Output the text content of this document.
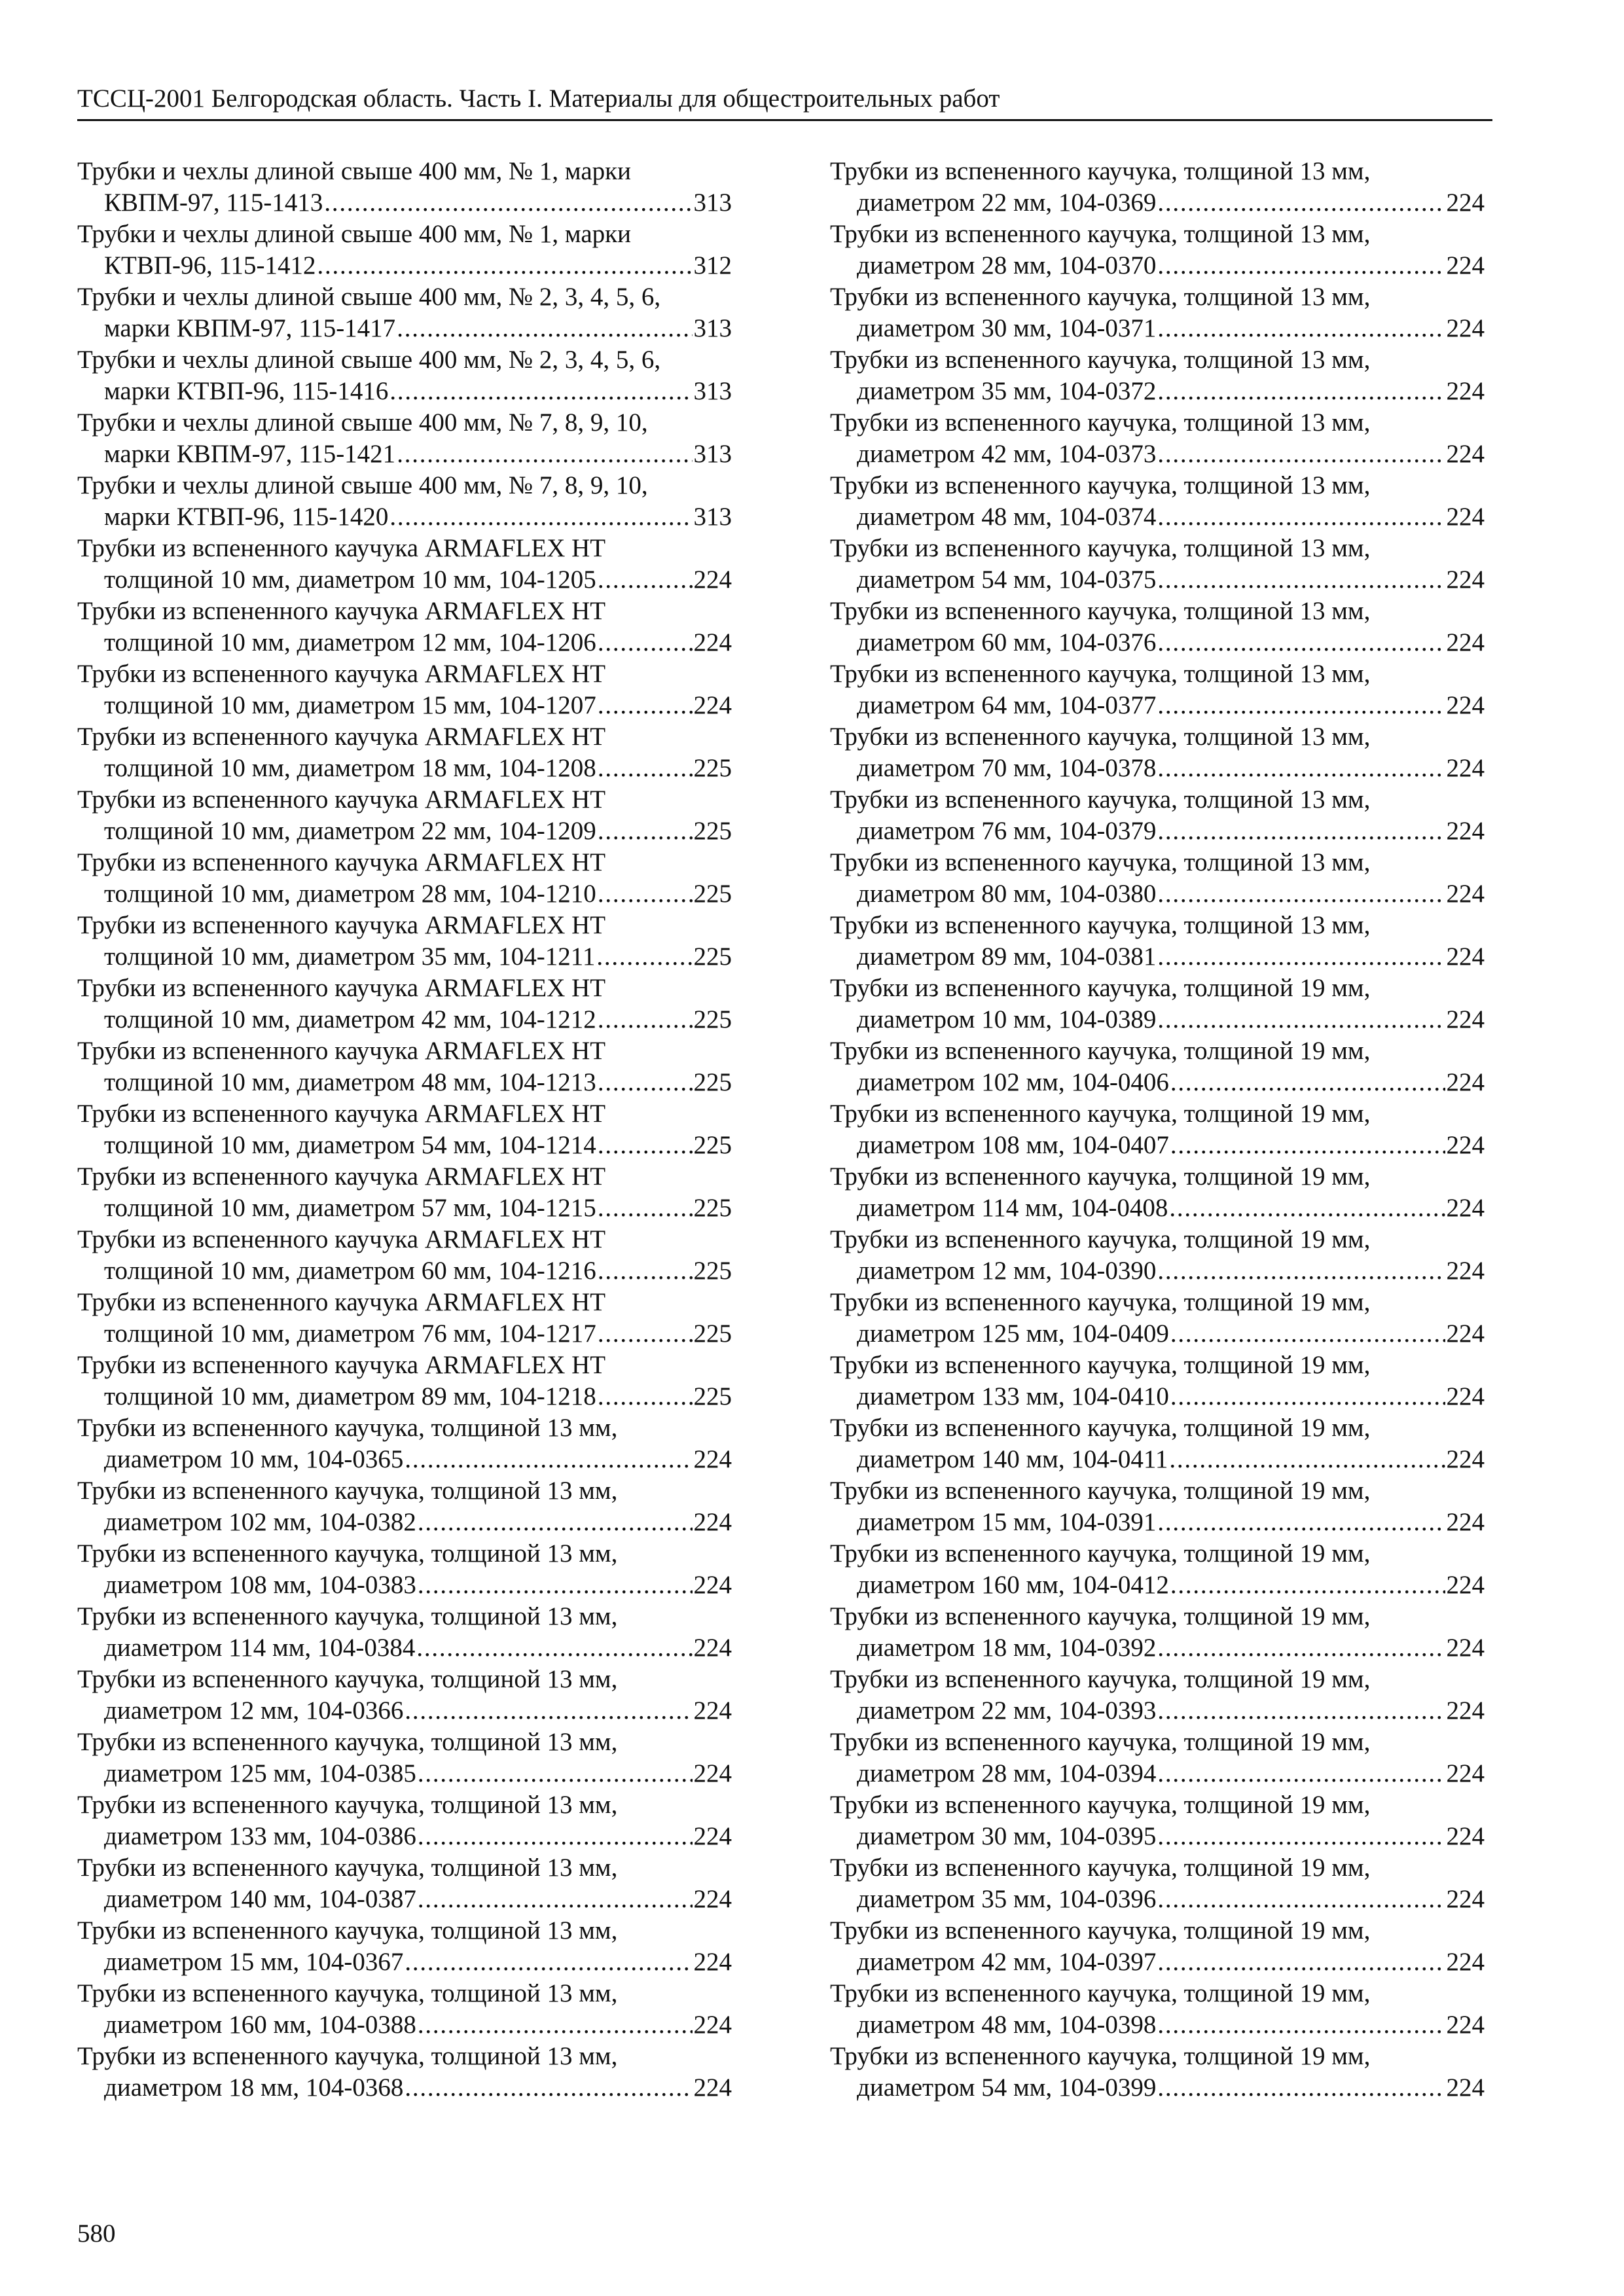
ТССЦ-2001 Белгородская область. Часть I. Материалы для общестроительных работ
Трубки и чехлы длиной свыше 400 мм, № 1, марки
КВПМ-97, 115-1413 . . .	313
Трубки и чехлы длиной свыше 400 мм, № 1, марки
КТВП-96, 115-1412 . . .	312
Трубки и чехлы длиной свыше 400 мм, № 2, 3, 4, 5, 6,
марки КВПМ-97, 115-1417 . . .	313
Трубки и чехлы длиной свыше 400 мм, № 2, 3, 4, 5, 6,
марки КТВП-96, 115-1416 . . .	313
Трубки и чехлы длиной свыше 400 мм, № 7, 8, 9, 10,
марки КВПМ-97, 115-1421 . . .	313
Трубки и чехлы длиной свыше 400 мм, № 7, 8, 9, 10,
марки КТВП-96, 115-1420 . . .	313
Трубки из вспененного каучука ARMAFLEX HT
толщиной 10 мм, диаметром 10 мм, 104-1205 . . .	224
Трубки из вспененного каучука ARMAFLEX HT
толщиной 10 мм, диаметром 12 мм, 104-1206 . . .	224
Трубки из вспененного каучука ARMAFLEX HT
толщиной 10 мм, диаметром 15 мм, 104-1207 . . .	224
Трубки из вспененного каучука ARMAFLEX HT
толщиной 10 мм, диаметром 18 мм, 104-1208 . . .	225
Трубки из вспененного каучука ARMAFLEX HT
толщиной 10 мм, диаметром 22 мм, 104-1209 . . .	225
Трубки из вспененного каучука ARMAFLEX HT
толщиной 10 мм, диаметром 28 мм, 104-1210 . . .	225
Трубки из вспененного каучука ARMAFLEX HT
толщиной 10 мм, диаметром 35 мм, 104-1211 . . .	225
Трубки из вспененного каучука ARMAFLEX HT
толщиной 10 мм, диаметром 42 мм, 104-1212 . . .	225
Трубки из вспененного каучука ARMAFLEX HT
толщиной 10 мм, диаметром 48 мм, 104-1213 . . .	225
Трубки из вспененного каучука ARMAFLEX HT
толщиной 10 мм, диаметром 54 мм, 104-1214 . . .	225
Трубки из вспененного каучука ARMAFLEX HT
толщиной 10 мм, диаметром 57 мм, 104-1215 . . .	225
Трубки из вспененного каучука ARMAFLEX HT
толщиной 10 мм, диаметром 60 мм, 104-1216 . . .	225
Трубки из вспененного каучука ARMAFLEX HT
толщиной 10 мм, диаметром 76 мм, 104-1217 . . .	225
Трубки из вспененного каучука ARMAFLEX HT
толщиной 10 мм, диаметром 89 мм, 104-1218 . . .	225
Трубки из вспененного каучука, толщиной 13 мм,
диаметром 10 мм, 104-0365 . . .	224
Трубки из вспененного каучука, толщиной 13 мм,
диаметром 102 мм, 104-0382 . . .	224
Трубки из вспененного каучука, толщиной 13 мм,
диаметром 108 мм, 104-0383 . . .	224
Трубки из вспененного каучука, толщиной 13 мм,
диаметром 114 мм, 104-0384 . . .	224
Трубки из вспененного каучука, толщиной 13 мм,
диаметром 12 мм, 104-0366 . . .	224
Трубки из вспененного каучука, толщиной 13 мм,
диаметром 125 мм, 104-0385 . . .	224
Трубки из вспененного каучука, толщиной 13 мм,
диаметром 133 мм, 104-0386 . . .	224
Трубки из вспененного каучука, толщиной 13 мм,
диаметром 140 мм, 104-0387 . . .	224
Трубки из вспененного каучука, толщиной 13 мм,
диаметром 15 мм, 104-0367 . . .	224
Трубки из вспененного каучука, толщиной 13 мм,
диаметром 160 мм, 104-0388 . . .	224
Трубки из вспененного каучука, толщиной 13 мм,
диаметром 18 мм, 104-0368 . . .	224
Трубки из вспененного каучука, толщиной 13 мм,
диаметром 22 мм, 104-0369 . . .	224
Трубки из вспененного каучука, толщиной 13 мм,
диаметром 28 мм, 104-0370 . . .	224
Трубки из вспененного каучука, толщиной 13 мм,
диаметром 30 мм, 104-0371 . . .	224
Трубки из вспененного каучука, толщиной 13 мм,
диаметром 35 мм, 104-0372 . . .	224
Трубки из вспененного каучука, толщиной 13 мм,
диаметром 42 мм, 104-0373 . . .	224
Трубки из вспененного каучука, толщиной 13 мм,
диаметром 48 мм, 104-0374 . . .	224
Трубки из вспененного каучука, толщиной 13 мм,
диаметром 54 мм, 104-0375 . . .	224
Трубки из вспененного каучука, толщиной 13 мм,
диаметром 60 мм, 104-0376 . . .	224
Трубки из вспененного каучука, толщиной 13 мм,
диаметром 64 мм, 104-0377 . . .	224
Трубки из вспененного каучука, толщиной 13 мм,
диаметром 70 мм, 104-0378 . . .	224
Трубки из вспененного каучука, толщиной 13 мм,
диаметром 76 мм, 104-0379 . . .	224
Трубки из вспененного каучука, толщиной 13 мм,
диаметром 80 мм, 104-0380 . . .	224
Трубки из вспененного каучука, толщиной 13 мм,
диаметром 89 мм, 104-0381 . . .	224
Трубки из вспененного каучука, толщиной 19 мм,
диаметром 10 мм, 104-0389 . . .	224
Трубки из вспененного каучука, толщиной 19 мм,
диаметром 102 мм, 104-0406 . . .	224
Трубки из вспененного каучука, толщиной 19 мм,
диаметром 108 мм, 104-0407 . . .	224
Трубки из вспененного каучука, толщиной 19 мм,
диаметром 114 мм, 104-0408 . . .	224
Трубки из вспененного каучука, толщиной 19 мм,
диаметром 12 мм, 104-0390 . . .	224
Трубки из вспененного каучука, толщиной 19 мм,
диаметром 125 мм, 104-0409 . . .	224
Трубки из вспененного каучука, толщиной 19 мм,
диаметром 133 мм, 104-0410 . . .	224
Трубки из вспененного каучука, толщиной 19 мм,
диаметром 140 мм, 104-0411 . . .	224
Трубки из вспененного каучука, толщиной 19 мм,
диаметром 15 мм, 104-0391 . . .	224
Трубки из вспененного каучука, толщиной 19 мм,
диаметром 160 мм, 104-0412 . . .	224
Трубки из вспененного каучука, толщиной 19 мм,
диаметром 18 мм, 104-0392 . . .	224
Трубки из вспененного каучука, толщиной 19 мм,
диаметром 22 мм, 104-0393 . . .	224
Трубки из вспененного каучука, толщиной 19 мм,
диаметром 28 мм, 104-0394 . . .	224
Трубки из вспененного каучука, толщиной 19 мм,
диаметром 30 мм, 104-0395 . . .	224
Трубки из вспененного каучука, толщиной 19 мм,
диаметром 35 мм, 104-0396 . . .	224
Трубки из вспененного каучука, толщиной 19 мм,
диаметром 42 мм, 104-0397 . . .	224
Трубки из вспененного каучука, толщиной 19 мм,
диаметром 48 мм, 104-0398 . . .	224
Трубки из вспененного каучука, толщиной 19 мм,
диаметром 54 мм, 104-0399 . . .	224
580
